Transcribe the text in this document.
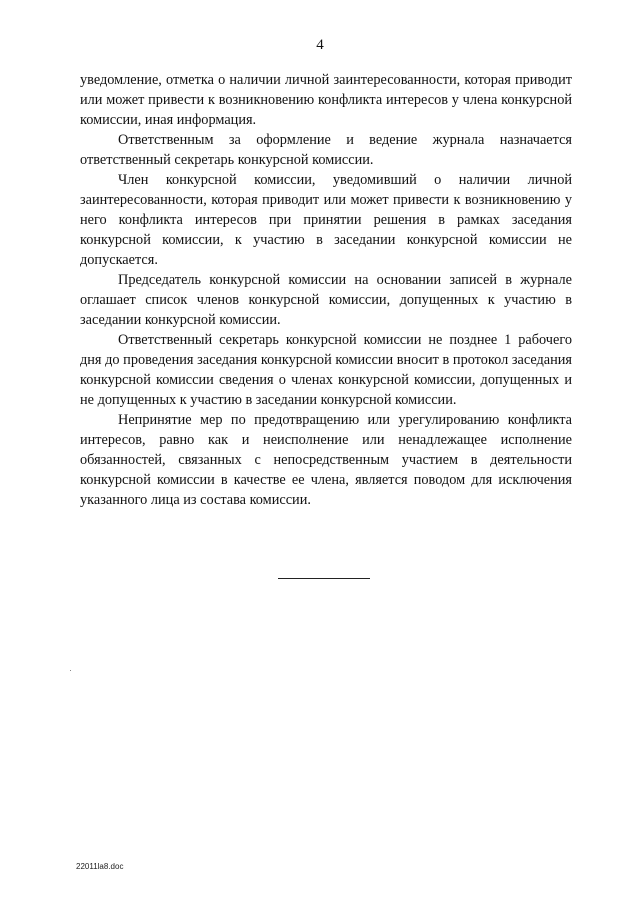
4

уведомление, отметка о наличии личной заинтересованности, которая приводит или может привести к возникновению конфликта интересов у члена конкурсной комиссии, иная информация.

Ответственным за оформление и ведение журнала назначается ответственный секретарь конкурсной комиссии.

Член конкурсной комиссии, уведомивший о наличии личной заинтересованности, которая приводит или может привести к возникновению у него конфликта интересов при принятии решения в рамках заседания конкурсной комиссии, к участию в заседании конкурсной комиссии не допускается.

Председатель конкурсной комиссии на основании записей в журнале оглашает список членов конкурсной комиссии, допущенных к участию в заседании конкурсной комиссии.

Ответственный секретарь конкурсной комиссии не позднее 1 рабочего дня до проведения заседания конкурсной комиссии вносит в протокол заседания конкурсной комиссии сведения о членах конкурсной комиссии, допущенных и не допущенных к участию в заседании конкурсной комиссии.

Непринятие мер по предотвращению или урегулированию конфликта интересов, равно как и неисполнение или ненадлежащее исполнение обязанностей, связанных с непосредственным участием в деятельности конкурсной комиссии в качестве ее члена, является поводом для исключения указанного лица из состава комиссии.

22011la8.doc
